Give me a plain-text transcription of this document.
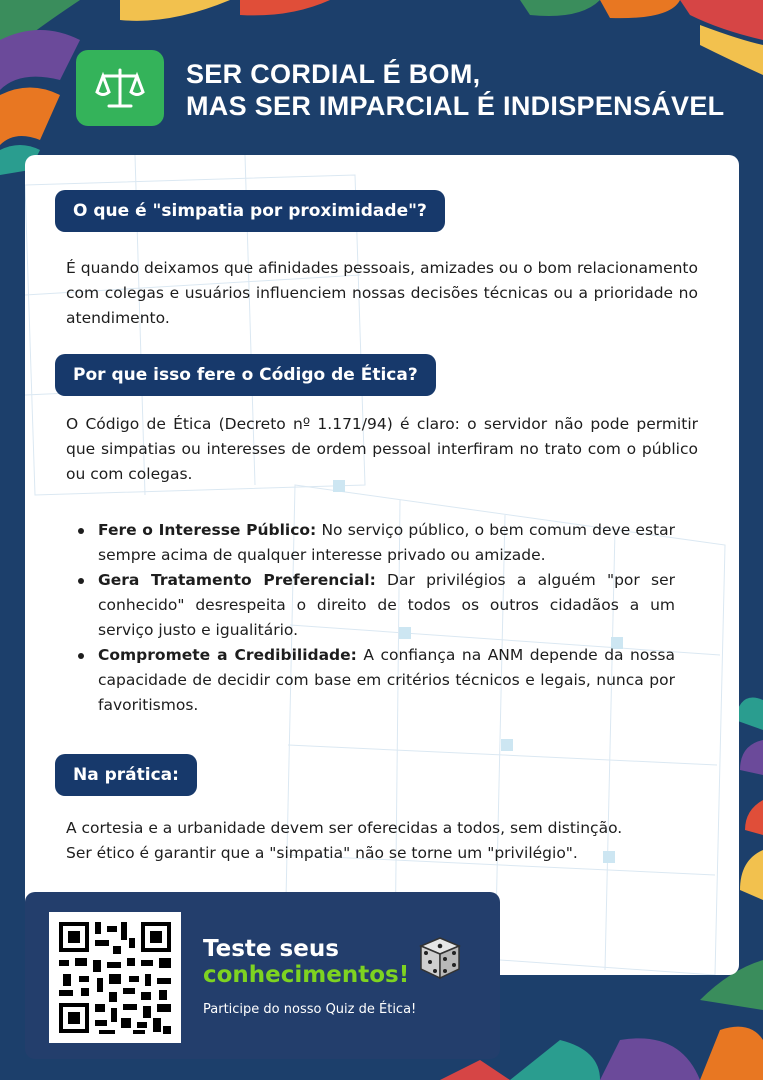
SER CORDIAL É BOM,
MAS SER IMPARCIAL É INDISPENSÁVEL
O que é "simpatia por proximidade"?
É quando deixamos que afinidades pessoais, amizades ou o bom relacionamento com colegas e usuários influenciem nossas decisões técnicas ou a prioridade no atendimento.
Por que isso fere o Código de Ética?
O Código de Ética (Decreto nº 1.171/94) é claro: o servidor não pode permitir que simpatias ou interesses de ordem pessoal interfiram no trato com o público ou com colegas.
Fere o Interesse Público: No serviço público, o bem comum deve estar sempre acima de qualquer interesse privado ou amizade.
Gera Tratamento Preferencial: Dar privilégios a alguém "por ser conhecido" desrespeita o direito de todos os outros cidadãos a um serviço justo e igualitário.
Compromete a Credibilidade: A confiança na ANM depende da nossa capacidade de decidir com base em critérios técnicos e legais, nunca por favoritismos.
Na prática:
A cortesia e a urbanidade devem ser oferecidas a todos, sem distinção.
Ser ético é garantir que a "simpatia" não se torne um "privilégio".
Teste seus
conhecimentos!
Participe do nosso Quiz de Ética!
